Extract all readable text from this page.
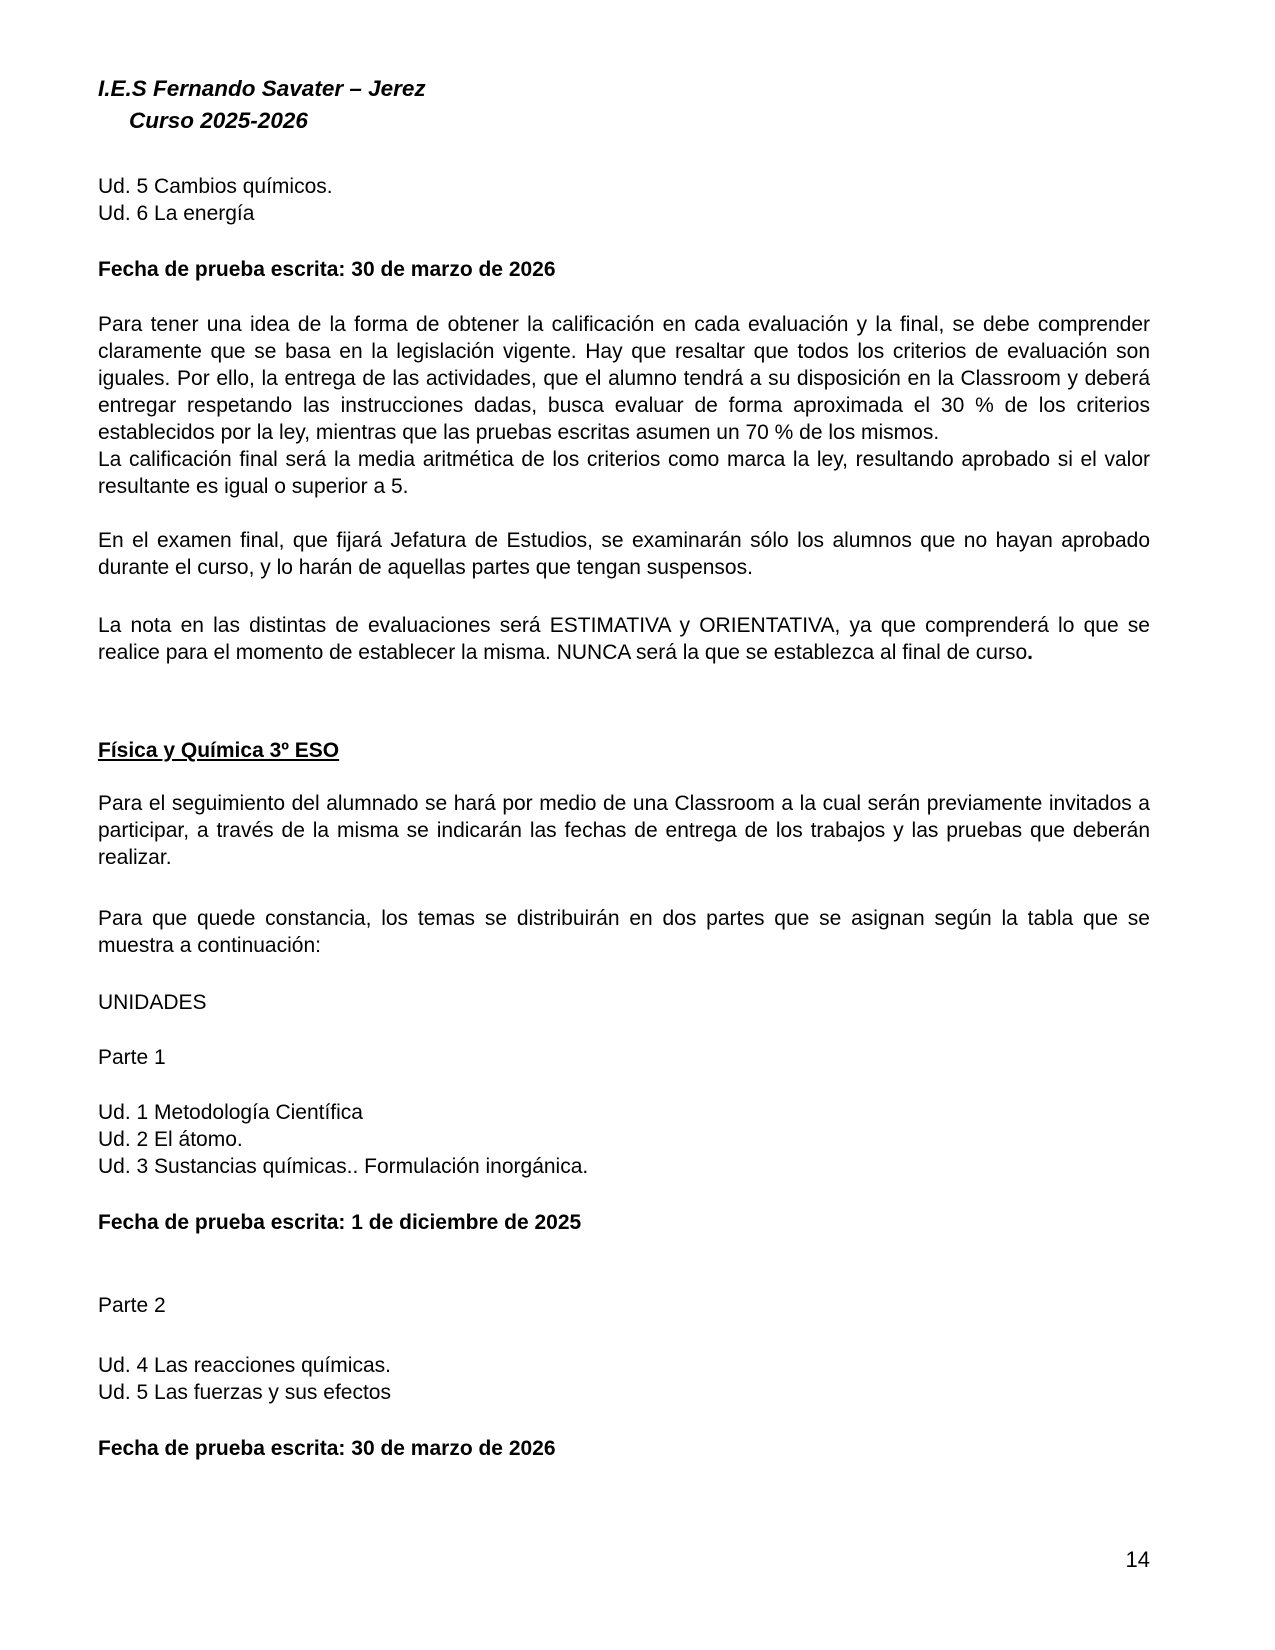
I.E.S Fernando Savater – Jerez
Curso 2025-2026
Ud. 5 Cambios químicos.
Ud. 6 La energía

Fecha de prueba escrita: 30 de marzo de 2026

Para tener una idea de la forma de obtener la calificación en cada evaluación y la final, se debe comprender claramente que se basa en la legislación vigente. Hay que resaltar que todos los criterios de evaluación son iguales. Por ello, la entrega de las actividades, que el alumno tendrá a su disposición en la Classroom y deberá entregar respetando las instrucciones dadas, busca evaluar de forma aproximada el 30 % de los criterios establecidos por la ley, mientras que las pruebas escritas asumen un 70 % de los mismos.

La calificación final será la media aritmética de los criterios como marca la ley, resultando aprobado si el valor resultante es igual o superior a 5.

En el examen final, que fijará Jefatura de Estudios, se examinarán sólo los alumnos que no hayan aprobado durante el curso, y lo harán de aquellas partes que tengan suspensos.

La nota en las distintas de evaluaciones será ESTIMATIVA y ORIENTATIVA, ya que comprenderá lo que se realice para el momento de establecer la misma. NUNCA será la que se establezca al final de curso.

Física y Química 3º ESO

Para el seguimiento del alumnado se hará por medio de una Classroom a la cual serán previamente invitados a participar, a través de la misma se indicarán las fechas de entrega de los trabajos y las pruebas que deberán realizar.

Para que quede constancia, los temas se distribuirán en dos partes que se asignan según la tabla que se muestra a continuación:

UNIDADES

Parte 1

Ud. 1 Metodología Científica
Ud. 2 El átomo.
Ud. 3 Sustancias químicas.. Formulación inorgánica.

Fecha de prueba escrita: 1 de diciembre de 2025

Parte 2

Ud. 4 Las reacciones químicas.
Ud. 5 Las fuerzas y sus efectos

Fecha de prueba escrita: 30 de marzo de 2026

14
